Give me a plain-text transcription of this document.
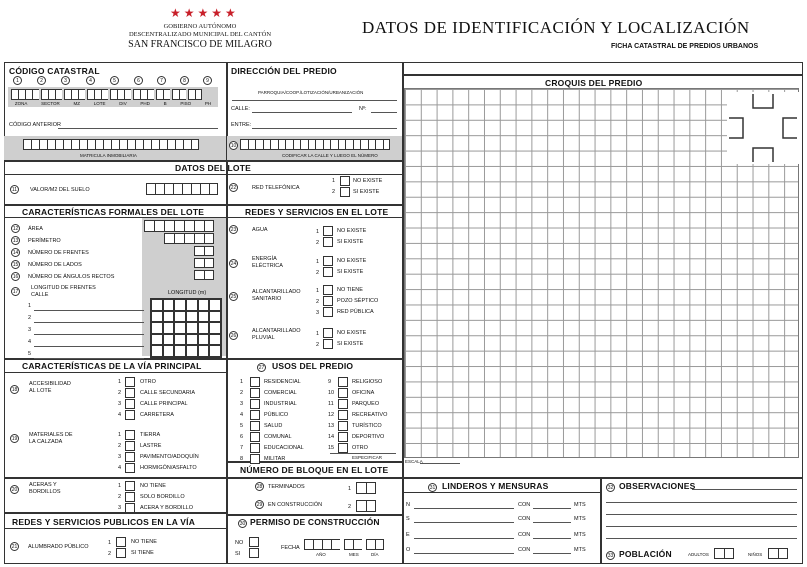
★★★★★
GOBIERNO AUTÓNOMO
DESCENTRALIZADO MUNICIPAL DEL CANTÓN
SAN FRANCISCO DE MILAGRO
DATOS DE IDENTIFICACIÓN Y LOCALIZACIÓN
FICHA CATASTRAL DE PREDIOS URBANOS
CÓDIGO CATASTRAL
1	2	3	4	5	6	7	8	9
ZONA	SECTOR	MZ	LOTE	DIV	PHD	B	PISO	PH
CÓDIGO ANTERIOR
MATRICULA INMOBILIARIA
DIRECCIÓN DEL PREDIO
PARROQUIA/COOP./LOTIZACIÓN/URBANIZACIÓN
CALLE:	Nº:
ENTRE:
10
CODIFICAR LA CALLE Y LUEGO EL NÚMERO
DATOS DEL LOTE
11	VALOR/M2 DEL SUELO	22	RED TELEFÓNICA
1	NO EXISTE
2	SI EXISTE
CARACTERÍSTICAS FORMALES DEL LOTE
12	ÁREA
13	PERÍMETRO
14	NÚMERO DE FRENTES
15	NÚMERO DE LADOS
16	NÚMERO DE ÁNGULOS RECTOS
17
LONGITUD DE FRENTES
CALLE	LONGITUD (m)
1
2
3
4
5
REDES Y SERVICIOS EN EL LOTE
23	AGUA	1	NO EXISTE
2	SI EXISTE
24
ENERGÍA
ELÉCTRICA
1	NO EXISTE
2	SI EXISTE
25
ALCANTARILLADO
SANITARIO
1	NO TIENE
2	POZO SÉPTICO
3	RED PÚBLICA
26
ALCANTARILLADO
PLUVIAL
1	NO EXISTE
2	SI EXISTE
CARACTERÍSTICAS DE LA VÍA PRINCIPAL
18
ACCESIBILIDAD
AL LOTE
1	OTRO
2	CALLE SECUNDARIA
3	CALLE PRINCIPAL
4	CARRETERA
19
MATERIALES DE
LA CALZADA
1	TIERRA
2	LASTRE
3	PAVIMENTO/ADOQUÍN
4	HORMIGÓN/ASFALTO
20
ACERAS Y
BORDILLOS
1	NO TIENE
2	SOLO BORDILLO
3	ACERA Y BORDILLO
27 USOS DEL PREDIO
1	RESIDENCIAL
2	COMERCIAL
3	INDUSTRIAL
4	PÚBLICO
5	SALUD
6	COMUNAL
7	EDUCACIONAL
8	MILITAR
9	RELIGIOSO
10	OFICINA
11	PARQUEO
12	RECREATIVO
13	TURÍSTICO
14	DEPORTIVO
15	OTRO
ESPECIFICAR
NÚMERO DE BLOQUE EN EL LOTE
28	TERMINADOS	1
29	EN CONSTRUCCIÓN	2
REDES Y SERVICIOS PUBLICOS EN LA VÍA
21	ALUMBRADO PÚBLICO
1	NO TIENE
2	SI TIENE
30 PERMISO DE CONSTRUCCIÓN
NO
SI
FECHA
AÑO	MES	DÍA
CROQUIS DEL PREDIO
ESCALA
31 LINDEROS Y MENSURAS
N	CON	MTS
S	CON	MTS
E	CON	MTS
O	CON	MTS
32 OBSERVACIONES
33 POBLACIÓN	ADULTOS	NIÑOS
